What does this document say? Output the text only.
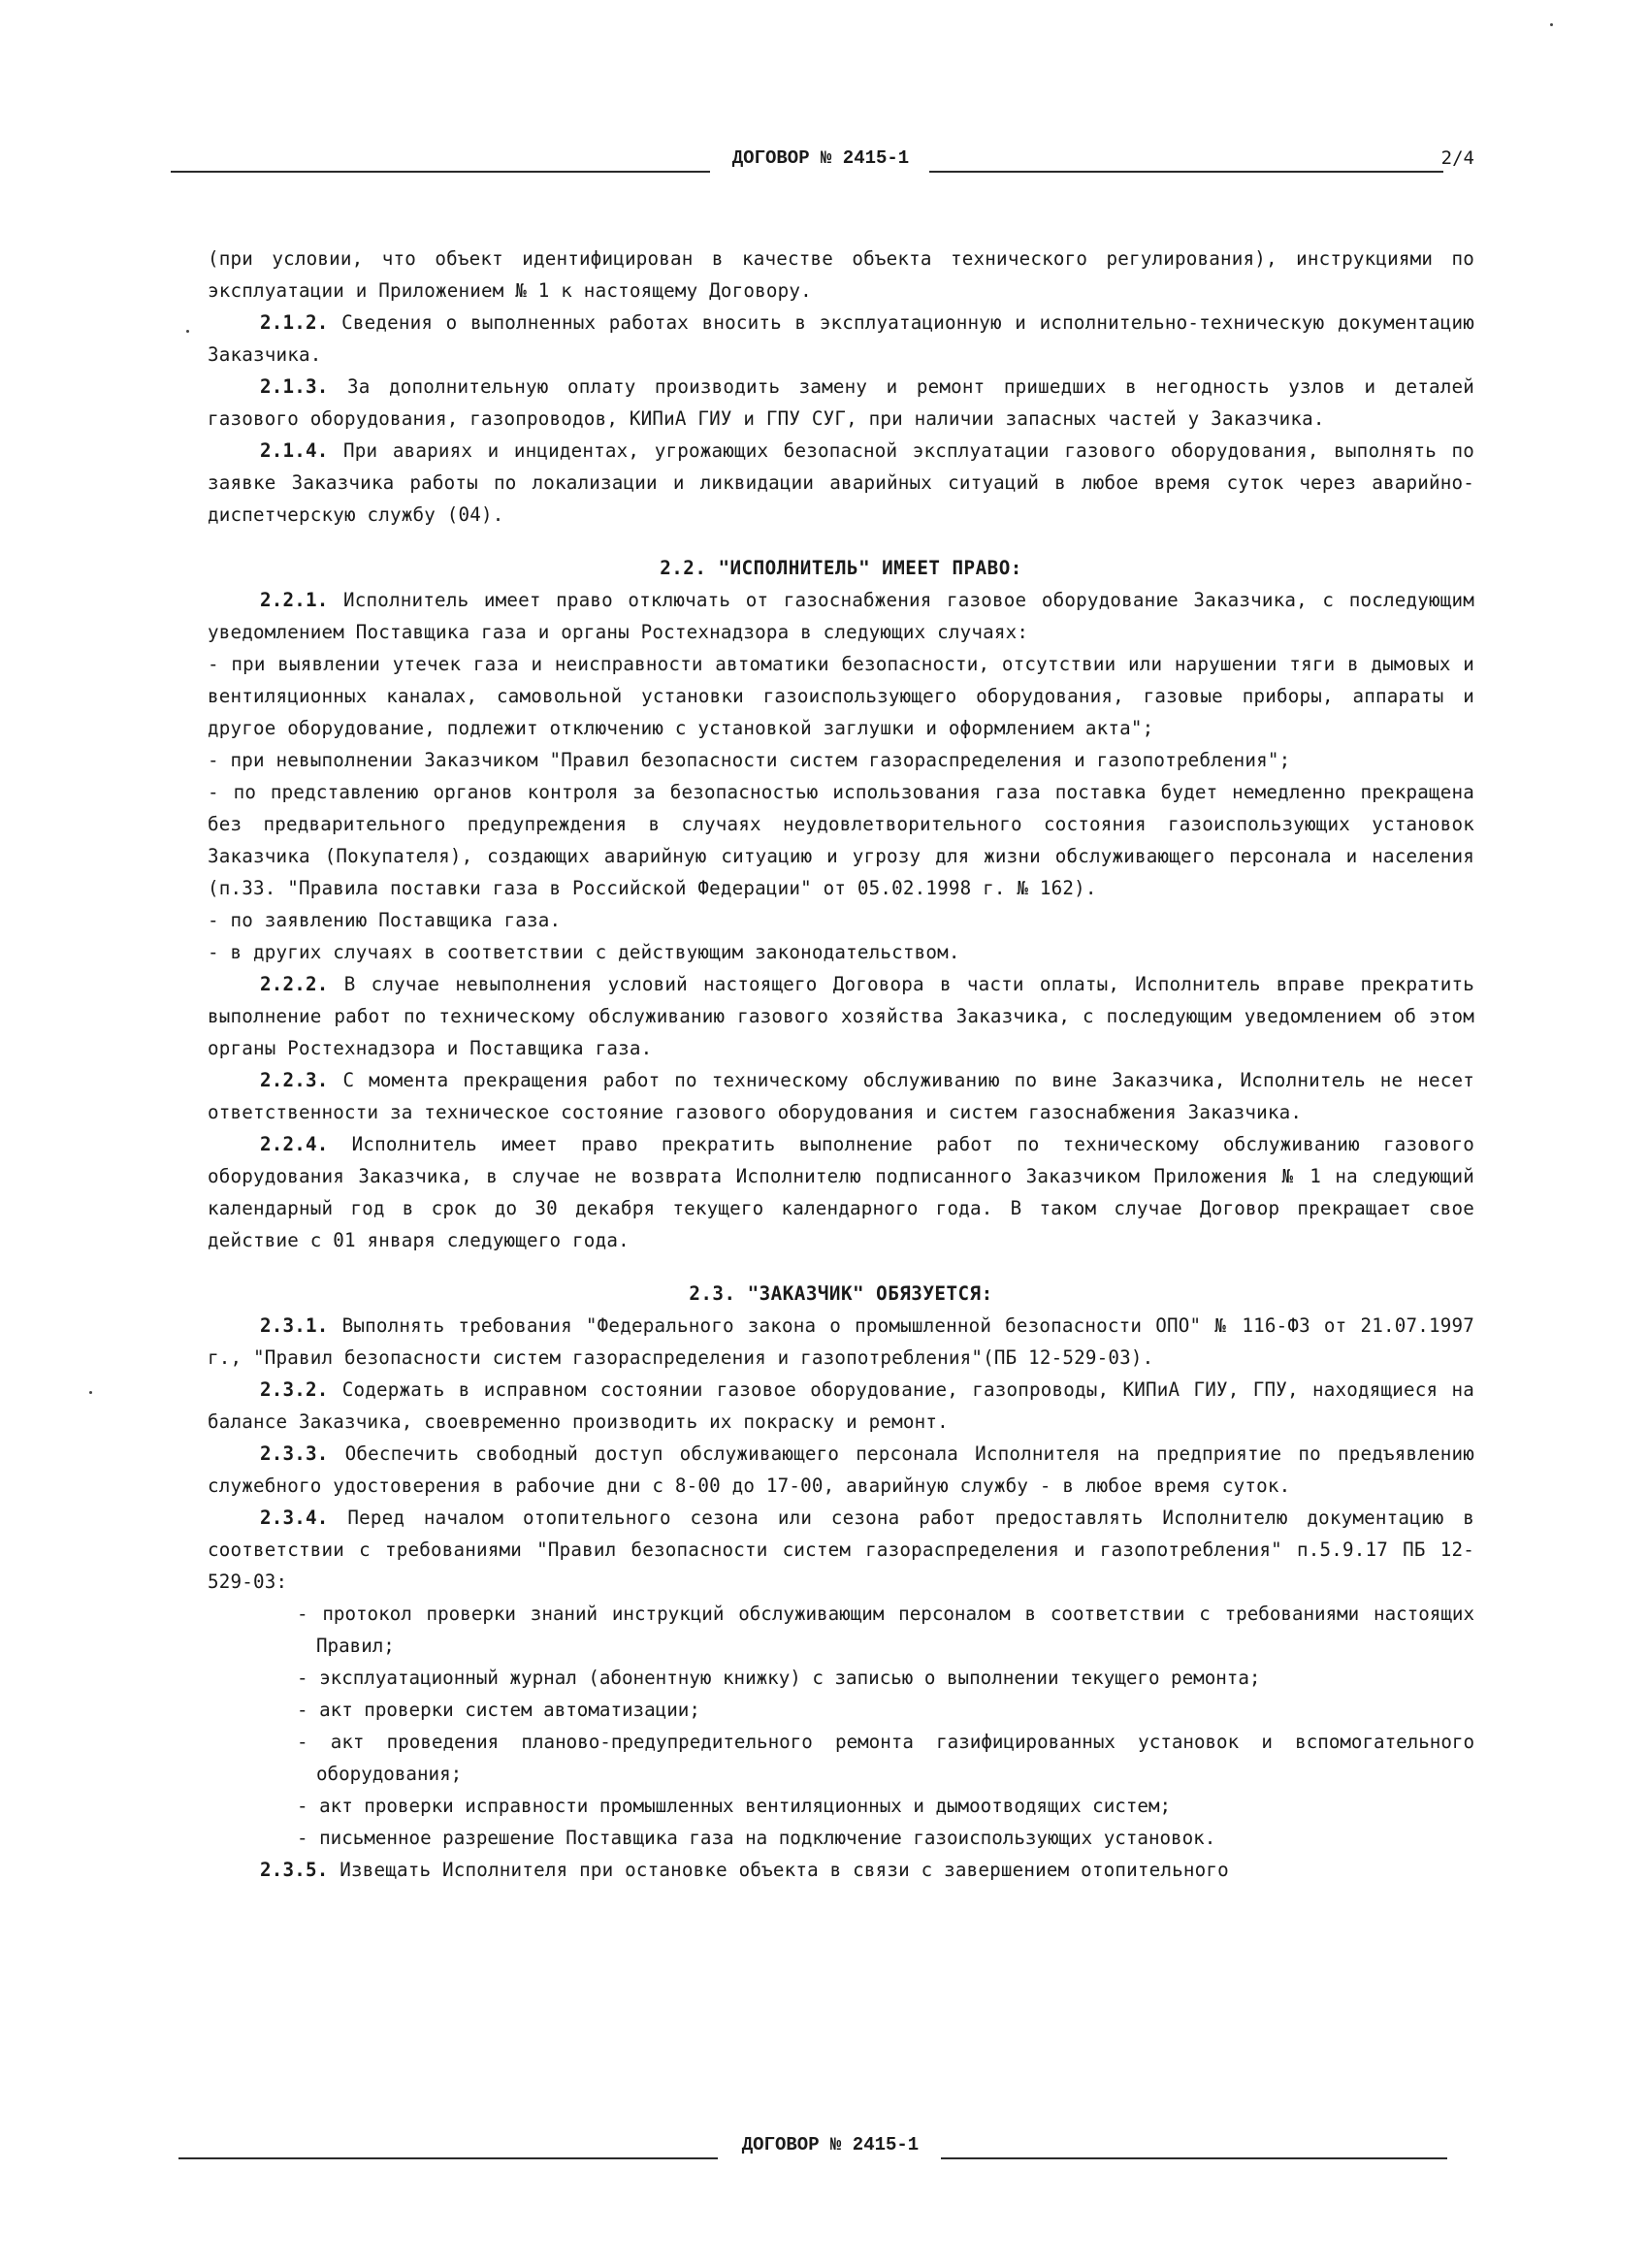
ДОГОВОР № 2415-1	2/4

(при условии, что объект идентифицирован в качестве объекта технического регулирования), инструкциями по эксплуатации и Приложением № 1 к настоящему Договору.

2.1.2. Сведения о выполненных работах вносить в эксплуатационную и исполнительно-техническую документацию Заказчика.

2.1.3. За дополнительную оплату производить замену и ремонт пришедших в негодность узлов и деталей газового оборудования, газопроводов, КИПиА ГИУ и ГПУ СУГ, при наличии запасных частей у Заказчика.

2.1.4. При авариях и инцидентах, угрожающих безопасной эксплуатации газового оборудования, выполнять по заявке Заказчика работы по локализации и ликвидации аварийных ситуаций в любое время суток через аварийно-диспетчерскую службу (04).

2.2. "ИСПОЛНИТЕЛЬ" ИМЕЕТ ПРАВО:

2.2.1. Исполнитель имеет право отключать от газоснабжения газовое оборудование Заказчика, с последующим уведомлением Поставщика газа и органы Ростехнадзора в следующих случаях:

- при выявлении утечек газа и неисправности автоматики безопасности, отсутствии или нарушении тяги в дымовых и вентиляционных каналах, самовольной установки газоиспользующего оборудования, газовые приборы, аппараты и другое оборудование, подлежит отключению с установкой заглушки и оформлением акта";

- при невыполнении Заказчиком "Правил безопасности систем газораспределения и газопотребления";

- по представлению органов контроля за безопасностью использования газа поставка будет немедленно прекращена без предварительного предупреждения в случаях неудовлетворительного состояния газоиспользующих установок Заказчика (Покупателя), создающих аварийную ситуацию и угрозу для жизни обслуживающего персонала и населения (п.33. "Правила поставки газа в Российской Федерации" от 05.02.1998 г. № 162).

- по заявлению Поставщика газа.

- в других случаях в соответствии с действующим законодательством.

2.2.2. В случае невыполнения условий настоящего Договора в части оплаты, Исполнитель вправе прекратить выполнение работ по техническому обслуживанию газового хозяйства Заказчика, с последующим уведомлением об этом органы Ростехнадзора и Поставщика газа.

2.2.3. С момента прекращения работ по техническому обслуживанию по вине Заказчика, Исполнитель не несет ответственности за техническое состояние газового оборудования и систем газоснабжения Заказчика.

2.2.4. Исполнитель имеет право прекратить выполнение работ по техническому обслуживанию газового оборудования Заказчика, в случае не возврата Исполнителю подписанного Заказчиком Приложения № 1 на следующий календарный год в срок до 30 декабря текущего календарного года. В таком случае Договор прекращает свое действие с 01 января следующего года.

2.3. "ЗАКАЗЧИК" ОБЯЗУЕТСЯ:

2.3.1. Выполнять требования "Федерального закона о промышленной безопасности ОПО" № 116-ФЗ от 21.07.1997 г., "Правил безопасности систем газораспределения и газопотребления"(ПБ 12-529-03).

2.3.2. Содержать в исправном состоянии газовое оборудование, газопроводы, КИПиА ГИУ, ГПУ, находящиеся на балансе Заказчика, своевременно производить их покраску и ремонт.

2.3.3. Обеспечить свободный доступ обслуживающего персонала Исполнителя на предприятие по предъявлению служебного удостоверения в рабочие дни с 8-00 до 17-00, аварийную службу - в любое время суток.

2.3.4. Перед началом отопительного сезона или сезона работ предоставлять Исполнителю документацию в соответствии с требованиями "Правил безопасности систем газораспределения и газопотребления" п.5.9.17 ПБ 12-529-03:

- протокол проверки знаний инструкций обслуживающим персоналом в соответствии с требованиями настоящих Правил;

- эксплуатационный журнал (абонентную книжку) с записью о выполнении текущего ремонта;

- акт проверки систем автоматизации;

- акт проведения планово-предупредительного ремонта газифицированных установок и вспомогательного оборудования;

- акт проверки исправности промышленных вентиляционных и дымоотводящих систем;

- письменное разрешение Поставщика газа на подключение газоиспользующих установок.

2.3.5. Извещать Исполнителя при остановке объекта в связи с завершением отопительного

ДОГОВОР № 2415-1
